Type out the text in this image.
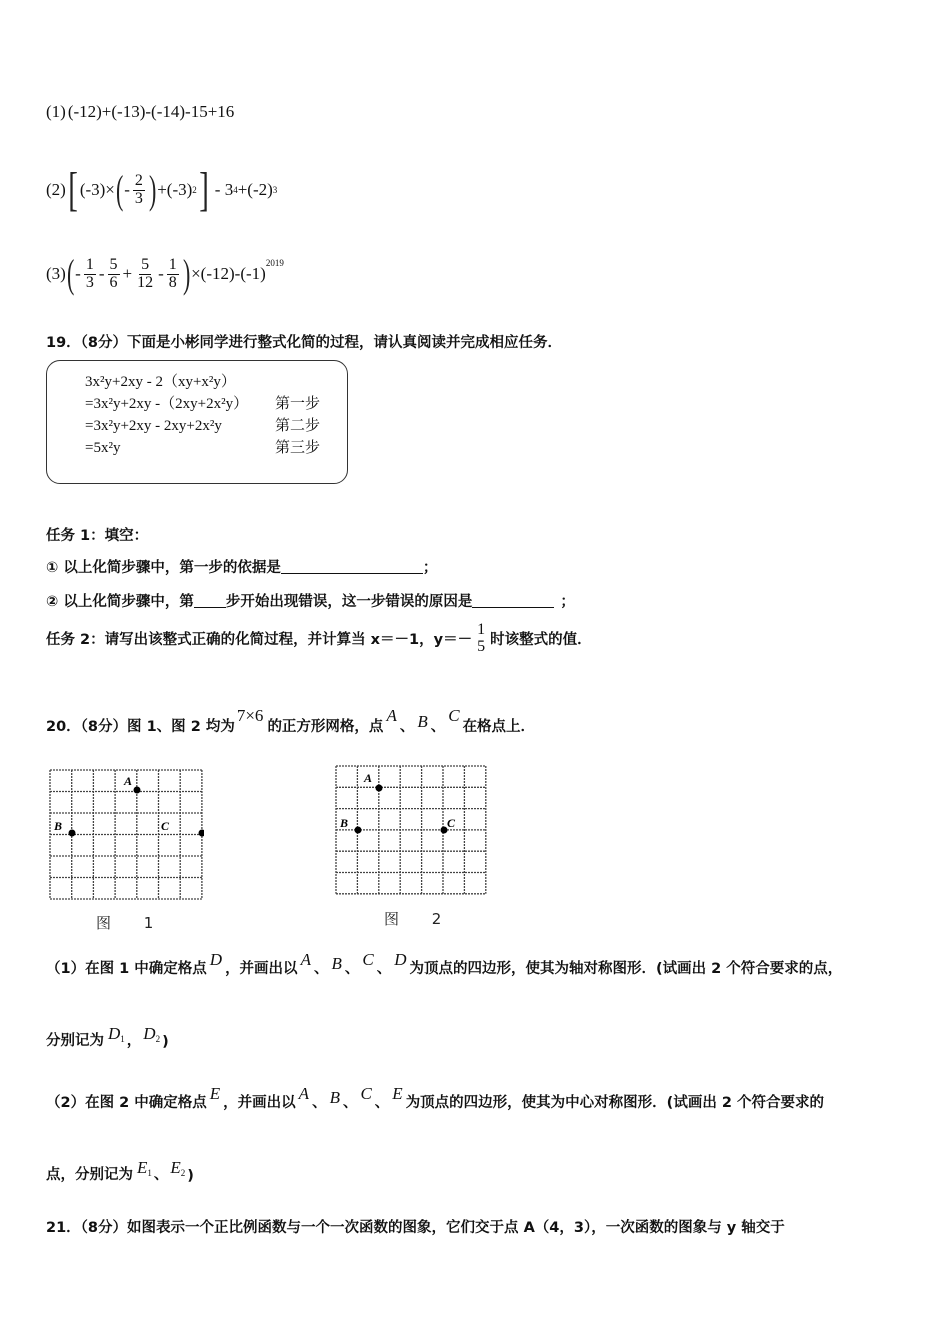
(1) (-12)+(-13)-(-14)-15+16
(2) [ (-3)× ( - $\frac{2}{3}$ ) +(-3) 2 ] - 3 4 +(-2) 3
(3) ( - $\frac{1}{3} - \frac{5}{6} + \frac{5}{12} - \frac{1}{8}$ ) ×(-12)-(-1)
$^{2019}$
19．（8分）下面是小彬同学进行整式化简的过程，请认真阅读并完成相应任务．
3x²y+2xy - 2（xy+x²y）
=3x²y+2xy -（2xy+2x²y）	第一步
=3x²y+2xy - 2xy+2x²y	第二步
=5x²y	第三步
任务 1：填空：
① 以上化简步骤中，第一步的依据是	；
② 以上化简步骤中，第 步开始出现错误，这一步错误的原因是	；
任务 2：请写出该整式正确的化简过程，并计算当 x＝－1，y＝－
1
5 时该整式的值．
20．（8分）图 1、图 2 均为
7×6
的正方形网格，点
A
、 B 、
C
在格点上．
A
B	C
图 1
A
B	C
图 2
（1）在图 1 中确定格点 D ，并画出以 A 、 B 、 C 、 D 为顶点的四边形，使其为轴对称图形．(试画出 2 个符合要求的点，
分别记为 $D_1$ ， $D_2$ )
（2）在图 2 中确定格点 E ，并画出以 A 、 B 、 C 、 E 为顶点的四边形，使其为中心对称图形．(试画出 2 个符合要求的
点，分别记为 $E_1$ 、 $E_2$ )
21．（8分）如图表示一个正比例函数与一个一次函数的图象，它们交于点 A（4，3），一次函数的图象与 y 轴交于
